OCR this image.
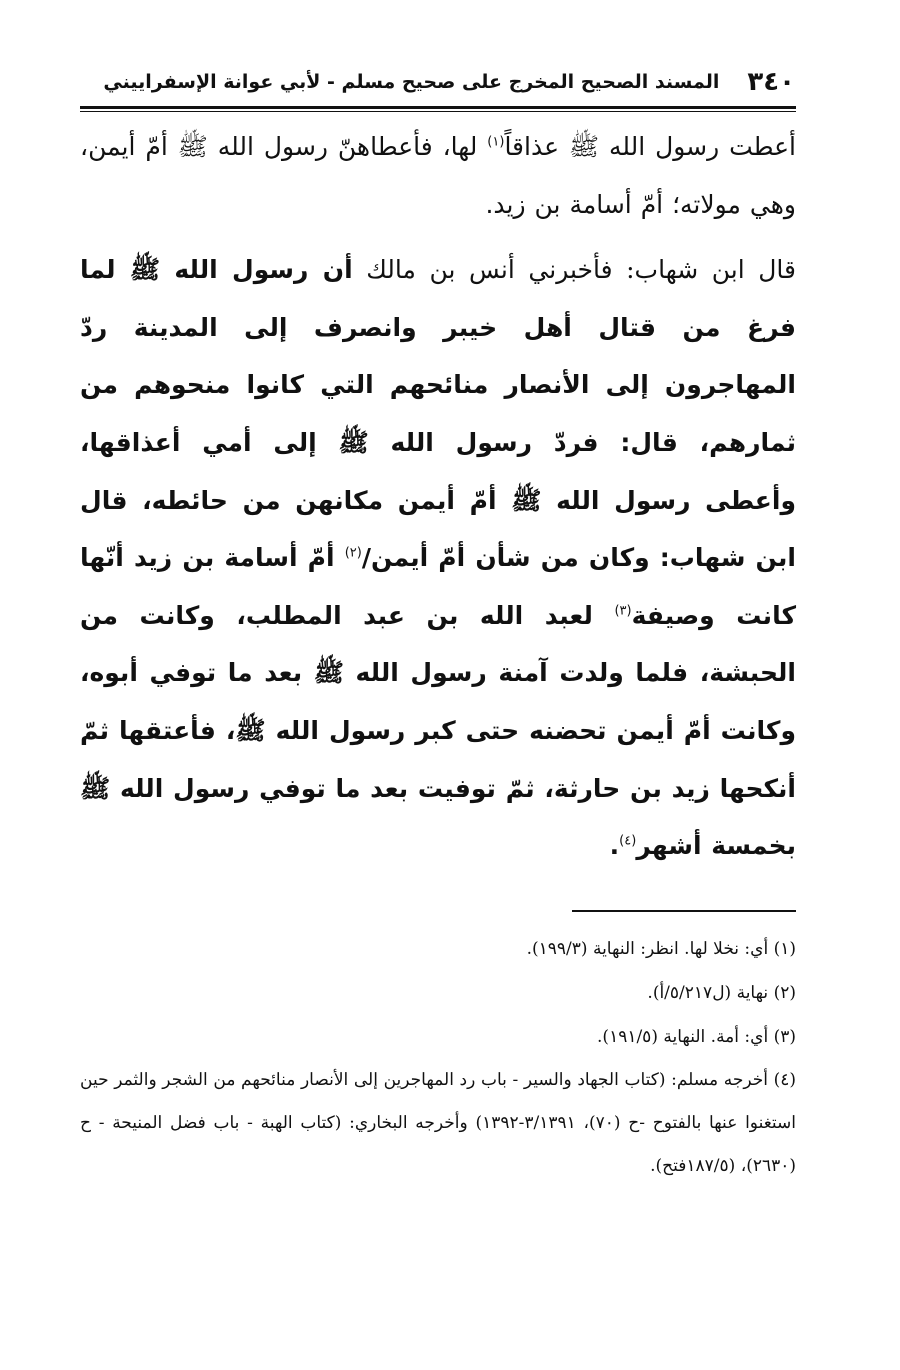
٣٤٠
المسند الصحيح المخرج على صحيح مسلم - لأبي عوانة الإسفراييني

أعطت رسول الله ﷺ عذاقاً$^{(١)}$ لها، فأعطاهنّ رسول الله ﷺ أمّ أيمن، وهي مولاته؛ أمّ أسامة بن زيد.

قال ابن شهاب: فأخبرني أنس بن مالك أن رسول الله ﷺ لما فرغ من قتال أهل خيبر وانصرف إلى المدينة ردّ المهاجرون إلى الأنصار منائحهم التي كانوا منحوهم من ثمارهم، قال: فردّ رسول الله ﷺ إلى أمي أعذاقها، وأعطى رسول الله ﷺ أمّ أيمن مكانهن من حائطه، قال ابن شهاب: وكان من شأن أمّ أيمن/$^{(٢)}$ أمّ أسامة بن زيد أنّها كانت وصيفة$^{(٣)}$ لعبد الله بن عبد المطلب، وكانت من الحبشة، فلما ولدت آمنة رسول الله ﷺ بعد ما توفي أبوه، وكانت أمّ أيمن تحضنه حتى كبر رسول الله ﷺ، فأعتقها ثمّ أنكحها زيد بن حارثة، ثمّ توفيت بعد ما توفي رسول الله ﷺ بخمسة أشهر$^{(٤)}$.

(١) أي: نخلا لها. انظر: النهاية (١٩٩/٣).

(٢) نهاية (ل٥/٢١٧/أ).

(٣) أي: أمة. النهاية (١٩١/٥).

(٤) أخرجه مسلم: (كتاب الجهاد والسير - باب رد المهاجرين إلى الأنصار منائحهم من الشجر والثمر حين استغنوا عنها بالفتوح -ح (٧٠)، ٣/١٣٩١-١٣٩٢) وأخرجه البخاري: (كتاب الهبة - باب فضل المنيحة - ح (٢٦٣٠)، (١٨٧/٥فتح).
